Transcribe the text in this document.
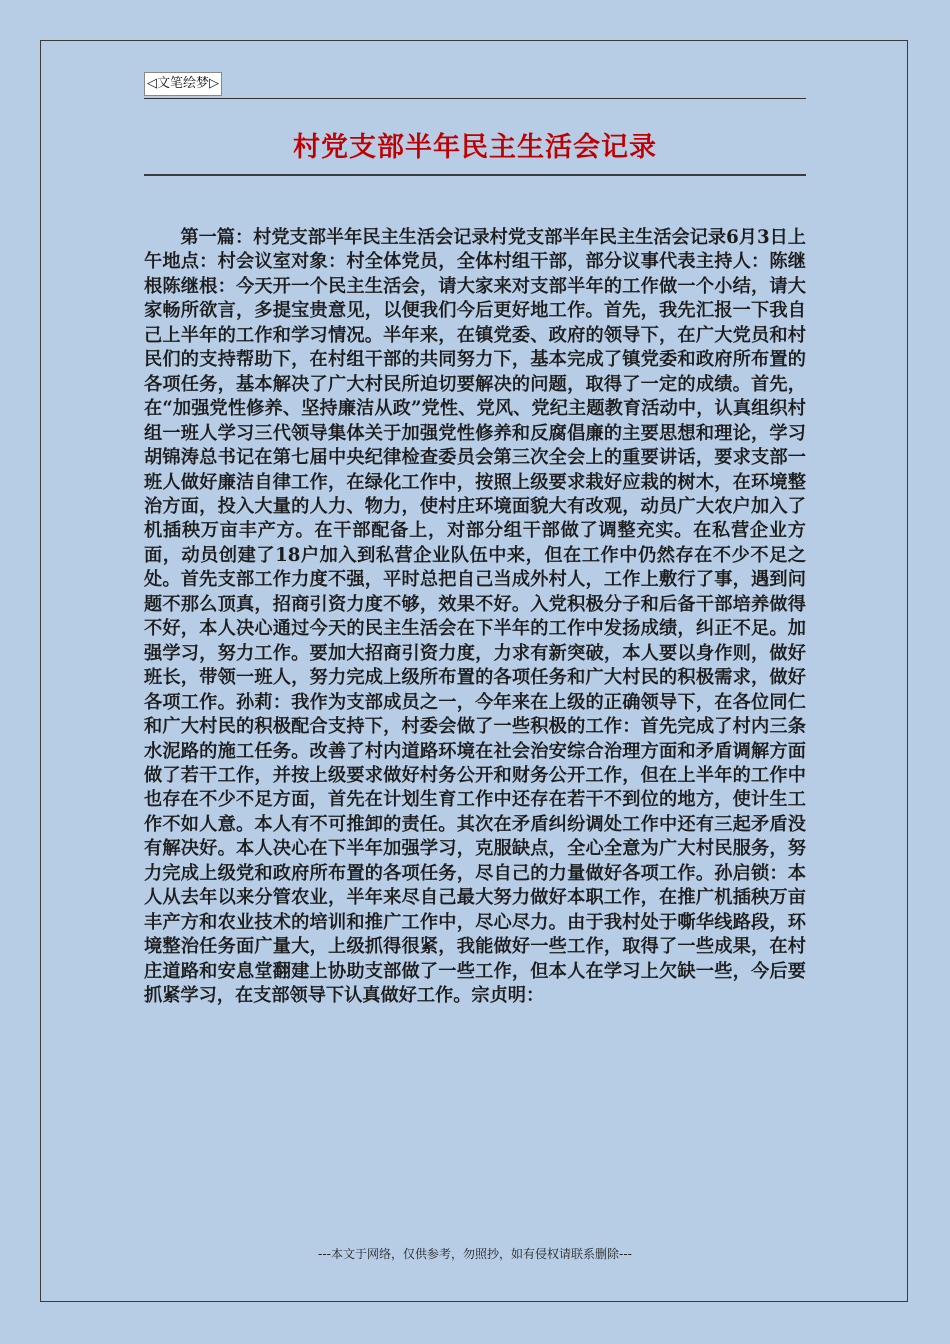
◁文笔绘梦▷
村党支部半年民主生活会记录

第一篇：村党支部半年民主生活会记录村党支部半年民主生活会记录6月3日上午地点：村会议室对象：村全体党员，全体村组干部，部分议事代表主持人：陈继根陈继根：今天开一个民主生活会，请大家来对支部半年的工作做一个小结，请大家畅所欲言，多提宝贵意见，以便我们今后更好地工作。首先，我先汇报一下我自己上半年的工作和学习情况。半年来，在镇党委、政府的领导下，在广大党员和村民们的支持帮助下，在村组干部的共同努力下，基本完成了镇党委和政府所布置的各项任务，基本解决了广大村民所迫切要解决的问题，取得了一定的成绩。首先，在“加强党性修养、坚持廉洁从政”党性、党风、党纪主题教育活动中，认真组织村组一班人学习三代领导集体关于加强党性修养和反腐倡廉的主要思想和理论，学习胡锦涛总书记在第七届中央纪律检查委员会第三次全会上的重要讲话，要求支部一班人做好廉洁自律工作，在绿化工作中，按照上级要求栽好应栽的树木，在环境整治方面，投入大量的人力、物力，使村庄环境面貌大有改观，动员广大农户加入了机插秧万亩丰产方。在干部配备上，对部分组干部做了调整充实。在私营企业方面，动员创建了18户加入到私营企业队伍中来，但在工作中仍然存在不少不足之处。首先支部工作力度不强，平时总把自己当成外村人，工作上敷行了事，遇到问题不那么顶真，招商引资力度不够，效果不好。入党积极分子和后备干部培养做得不好，本人决心通过今天的民主生活会在下半年的工作中发扬成绩，纠正不足。加强学习，努力工作。要加大招商引资力度，力求有新突破，本人要以身作则，做好班长，带领一班人，努力完成上级所布置的各项任务和广大村民的积极需求，做好各项工作。孙莉：我作为支部成员之一，今年来在上级的正确领导下，在各位同仁和广大村民的积极配合支持下，村委会做了一些积极的工作：首先完成了村内三条水泥路的施工任务。改善了村内道路环境在社会治安综合治理方面和矛盾调解方面做了若干工作，并按上级要求做好村务公开和财务公开工作，但在上半年的工作中也存在不少不足方面，首先在计划生育工作中还存在若干不到位的地方，使计生工作不如人意。本人有不可推卸的责任。其次在矛盾纠纷调处工作中还有三起矛盾没有解决好。本人决心在下半年加强学习，克服缺点，全心全意为广大村民服务，努力完成上级党和政府所布置的各项任务，尽自己的力量做好各项工作。孙启锁：本人从去年以来分管农业，半年来尽自己最大努力做好本职工作，在推广机插秧万亩丰产方和农业技术的培训和推广工作中，尽心尽力。由于我村处于嘶华线路段，环境整治任务面广量大，上级抓得很紧，我能做好一些工作，取得了一些成果，在村庄道路和安息堂翻建上协助支部做了一些工作，但本人在学习上欠缺一些，今后要抓紧学习，在支部领导下认真做好工作。宗贞明：

---本文于网络，仅供参考，勿照抄，如有侵权请联系删除---
